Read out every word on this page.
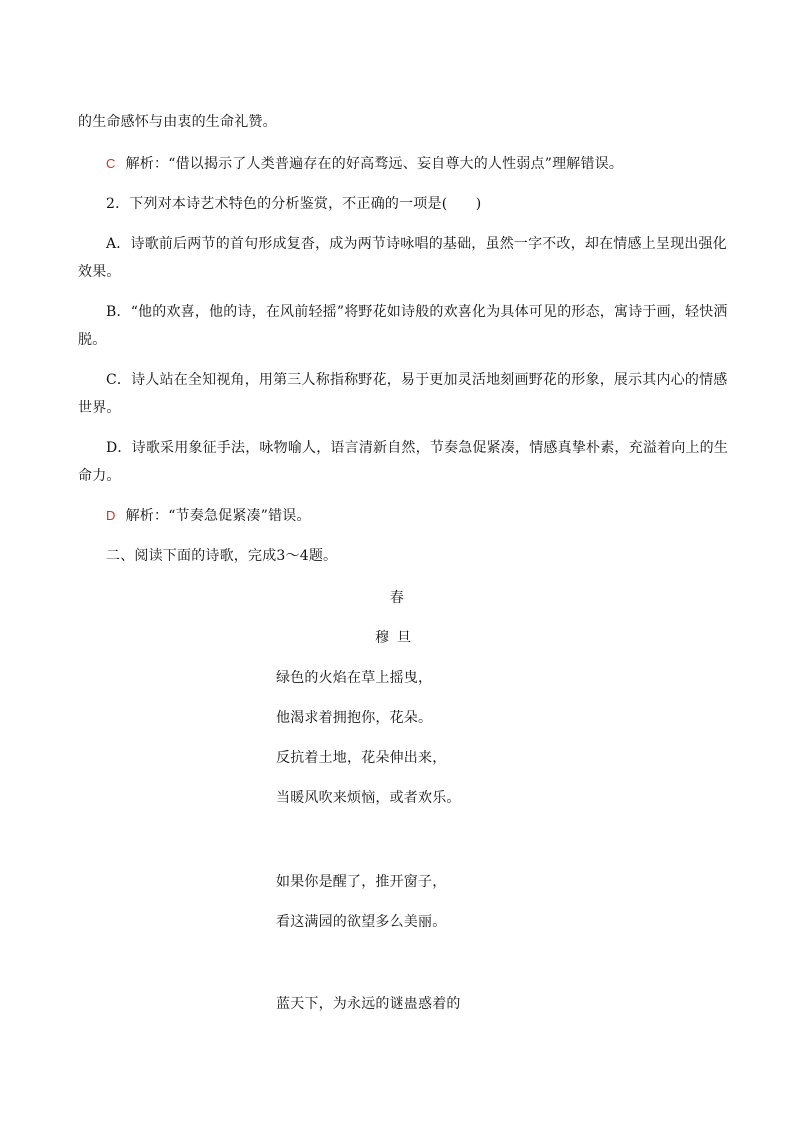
的生命感怀与由衷的生命礼赞。
C 解析：“借以揭示了人类普遍存在的好高骛远、妄自尊大的人性弱点”理解错误。
2．下列对本诗艺术特色的分析鉴赏，不正确的一项是(　　)
A．诗歌前后两节的首句形成复沓，成为两节诗咏唱的基础，虽然一字不改，却在情感上呈现出强化
效果。
B．“他的欢喜，他的诗，在风前轻摇”将野花如诗般的欢喜化为具体可见的形态，寓诗于画，轻快洒
脱。
C．诗人站在全知视角，用第三人称指称野花，易于更加灵活地刻画野花的形象，展示其内心的情感
世界。
D．诗歌采用象征手法，咏物喻人，语言清新自然，节奏急促紧凑，情感真挚朴素，充溢着向上的生
命力。
D 解析：“节奏急促紧凑”错误。
二、阅读下面的诗歌，完成3～4题。
春
穆旦
绿色的火焰在草上摇曳，
他渴求着拥抱你，花朵。
反抗着土地，花朵伸出来，
当暖风吹来烦恼，或者欢乐。
如果你是醒了，推开窗子，
看这满园的欲望多么美丽。
蓝天下，为永远的谜蛊惑着的
